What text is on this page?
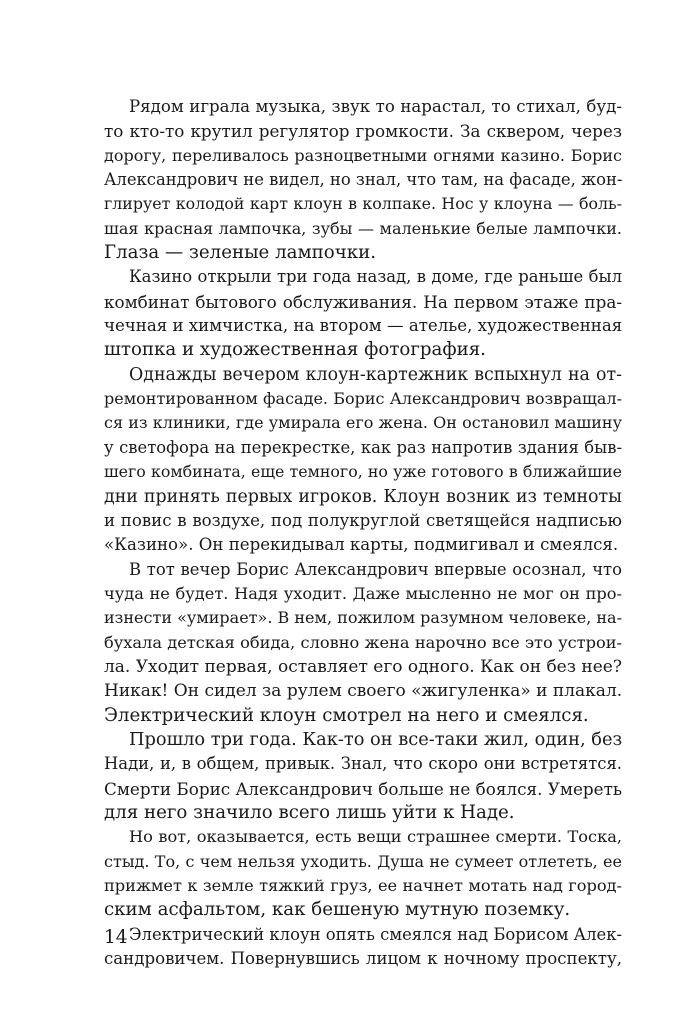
Рядом играла музыка, звук то нарастал, то стихал, буд-
то кто-то крутил регулятор громкости. За сквером, через
дорогу, переливалось разноцветными огнями казино. Борис
Александрович не видел, но знал, что там, на фасаде, жон-
глирует колодой карт клоун в колпаке. Нос у клоуна — боль-
шая красная лампочка, зубы — маленькие белые лампочки.
Глаза — зеленые лампочки.
Казино открыли три года назад, в доме, где раньше был
комбинат бытового обслуживания. На первом этаже пра-
чечная и химчистка, на втором — ателье, художественная
штопка и художественная фотография.
Однажды вечером клоун-картежник вспыхнул на от-
ремонтированном фасаде. Борис Александрович возвращал-
ся из клиники, где умирала его жена. Он остановил машину
у светофора на перекрестке, как раз напротив здания быв-
шего комбината, еще темного, но уже готового в ближайшие
дни принять первых игроков. Клоун возник из темноты
и повис в воздухе, под полукруглой светящейся надписью
«Казино». Он перекидывал карты, подмигивал и смеялся.
В тот вечер Борис Александрович впервые осознал, что
чуда не будет. Надя уходит. Даже мысленно не мог он про-
изнести «умирает». В нем, пожилом разумном человеке, на-
бухала детская обида, словно жена нарочно все это устрои-
ла. Уходит первая, оставляет его одного. Как он без нее?
Никак! Он сидел за рулем своего «жигуленка» и плакал.
Электрический клоун смотрел на него и смеялся.
Прошло три года. Как-то он все-таки жил, один, без
Нади, и, в общем, привык. Знал, что скоро они встретятся.
Смерти Борис Александрович больше не боялся. Умереть
для него значило всего лишь уйти к Наде.
Но вот, оказывается, есть вещи страшнее смерти. Тоска,
стыд. То, с чем нельзя уходить. Душа не сумеет отлететь, ее
прижмет к земле тяжкий груз, ее начнет мотать над город-
ским асфальтом, как бешеную мутную поземку.
Электрический клоун опять смеялся над Борисом Алек-
сандровичем. Повернувшись лицом к ночному проспекту,
14
